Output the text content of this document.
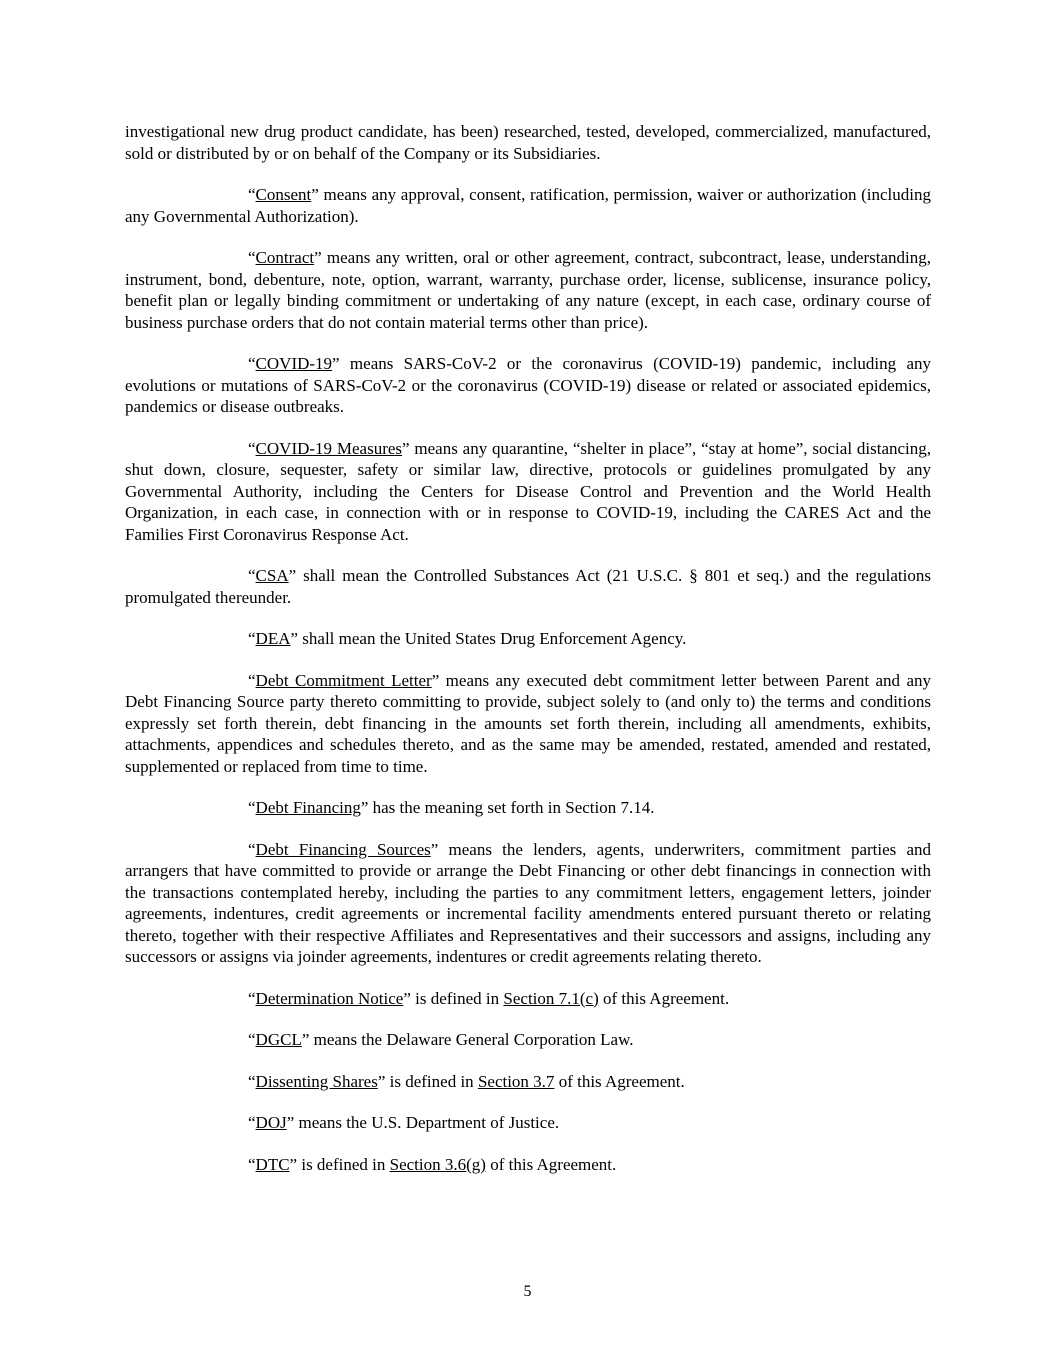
investigational new drug product candidate, has been) researched, tested, developed, commercialized, manufactured, sold or distributed by or on behalf of the Company or its Subsidiaries.

“Consent” means any approval, consent, ratification, permission, waiver or authorization (including any Governmental Authorization).

“Contract” means any written, oral or other agreement, contract, subcontract, lease, understanding, instrument, bond, debenture, note, option, warrant, warranty, purchase order, license, sublicense, insurance policy, benefit plan or legally binding commitment or undertaking of any nature (except, in each case, ordinary course of business purchase orders that do not contain material terms other than price).

“COVID-19” means SARS-CoV-2 or the coronavirus (COVID-19) pandemic, including any evolutions or mutations of SARS-CoV-2 or the coronavirus (COVID-19) disease or related or associated epidemics, pandemics or disease outbreaks.

“COVID-19 Measures” means any quarantine, “shelter in place”, “stay at home”, social distancing, shut down, closure, sequester, safety or similar law, directive, protocols or guidelines promulgated by any Governmental Authority, including the Centers for Disease Control and Prevention and the World Health Organization, in each case, in connection with or in response to COVID-19, including the CARES Act and the Families First Coronavirus Response Act.

“CSA” shall mean the Controlled Substances Act (21 U.S.C. § 801 et seq.) and the regulations promulgated thereunder.

“DEA” shall mean the United States Drug Enforcement Agency.

“Debt Commitment Letter” means any executed debt commitment letter between Parent and any Debt Financing Source party thereto committing to provide, subject solely to (and only to) the terms and conditions expressly set forth therein, debt financing in the amounts set forth therein, including all amendments, exhibits, attachments, appendices and schedules thereto, and as the same may be amended, restated, amended and restated, supplemented or replaced from time to time.

“Debt Financing” has the meaning set forth in Section 7.14.

“Debt Financing Sources” means the lenders, agents, underwriters, commitment parties and arrangers that have committed to provide or arrange the Debt Financing or other debt financings in connection with the transactions contemplated hereby, including the parties to any commitment letters, engagement letters, joinder agreements, indentures, credit agreements or incremental facility amendments entered pursuant thereto or relating thereto, together with their respective Affiliates and Representatives and their successors and assigns, including any successors or assigns via joinder agreements, indentures or credit agreements relating thereto.

“Determination Notice” is defined in Section 7.1(c) of this Agreement.

“DGCL” means the Delaware General Corporation Law.

“Dissenting Shares” is defined in Section 3.7 of this Agreement.

“DOJ” means the U.S. Department of Justice.

“DTC” is defined in Section 3.6(g) of this Agreement.

5
